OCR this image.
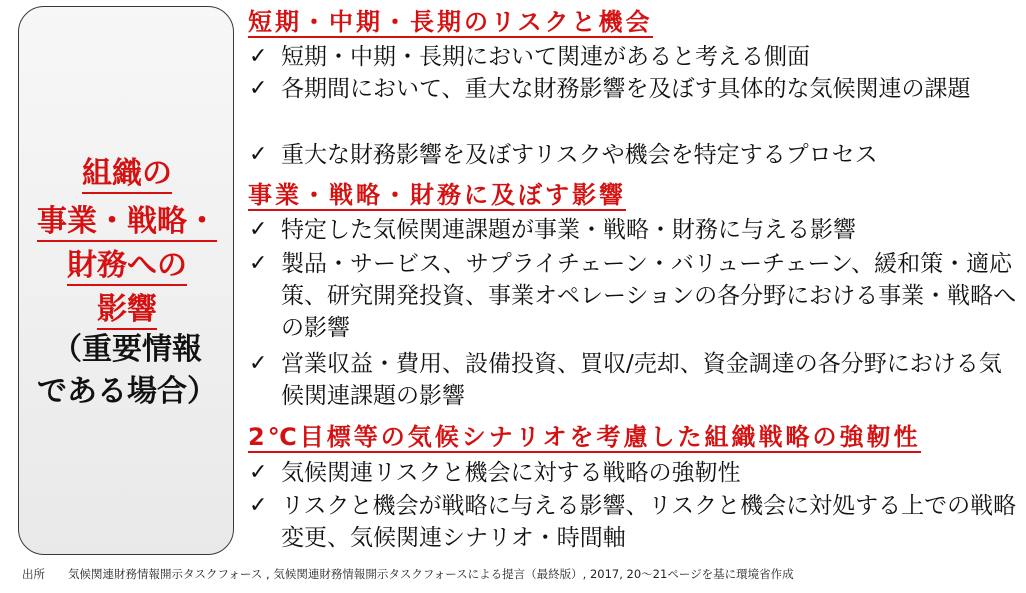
組織の
事業・戦略・
財務への
影響
（重要情報
である場合）
短期・中期・長期のリスクと機会
✓ 短期・中期・長期において関連があると考える側面
✓ 各期間において、重大な財務影響を及ぼす具体的な気候関連の課題
✓ 重大な財務影響を及ぼすリスクや機会を特定するプロセス
事業・戦略・財務に及ぼす影響
✓ 特定した気候関連課題が事業・戦略・財務に与える影響
✓ 製品・サービス、サプライチェーン・バリューチェーン、緩和策・適応策、研究開発投資、事業オペレーションの各分野における事業・戦略への影響
✓ 営業収益・費用、設備投資、買収/売却、資金調達の各分野における気候関連課題の影響
2℃目標等の気候シナリオを考慮した組織戦略の強靭性
✓ 気候関連リスクと機会に対する戦略の強靭性
✓ リスクと機会が戦略に与える影響、リスクと機会に対処する上での戦略変更、気候関連シナリオ・時間軸
出所 気候関連財務情報開示タスクフォース , 気候関連財務情報開示タスクフォースによる提言（最終版）, 2017, 20～21ページを基に環境省作成
